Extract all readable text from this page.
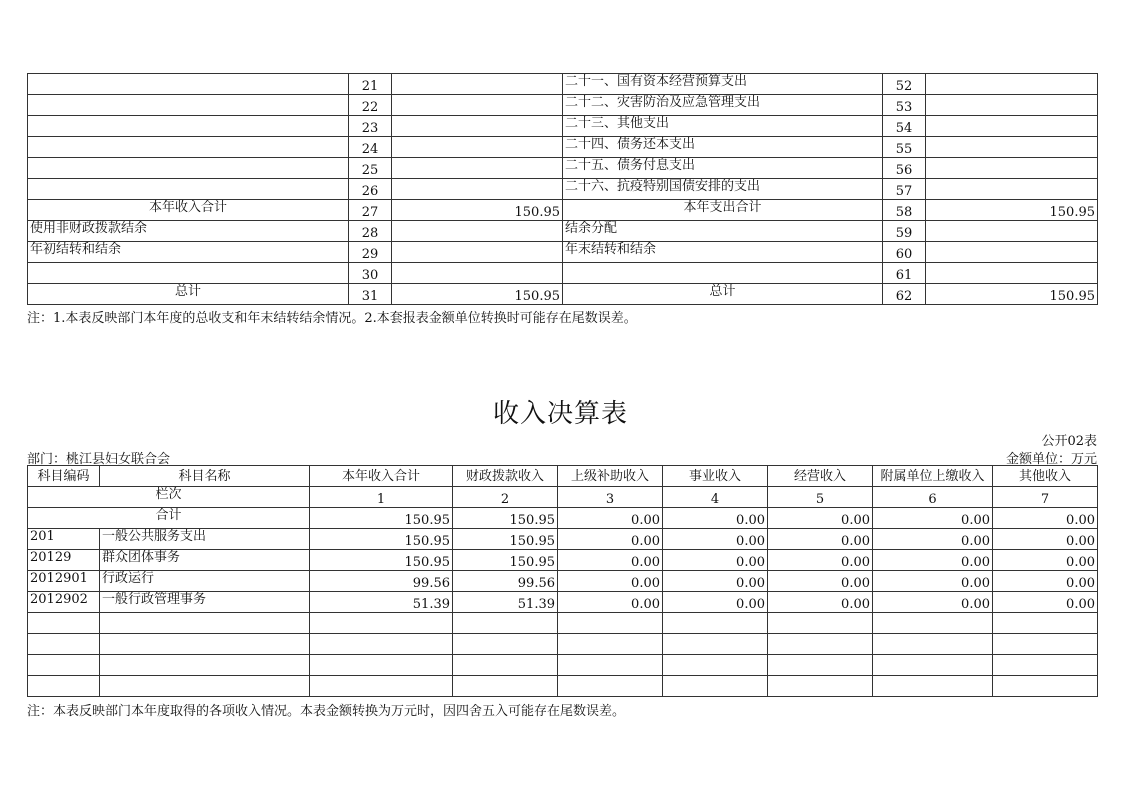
	21		二十一、国有资本经营预算支出	52	
	22		二十二、灾害防治及应急管理支出	53	
	23		二十三、其他支出	54	
	24		二十四、债务还本支出	55	
	25		二十五、债务付息支出	56	
	26		二十六、抗疫特别国债安排的支出	57	
本年收入合计	27	150.95	本年支出合计	58	150.95
使用非财政拨款结余	28		结余分配	59	
年初结转和结余	29		年末结转和结余	60	
	30			61	
总计	31	150.95	总计	62	150.95
注：1.本表反映部门本年度的总收支和年末结转结余情况。2.本套报表金额单位转换时可能存在尾数误差。
收入决算表
公开02表
部门：桃江县妇女联合会	金额单位：万元
科目编码	科目名称	本年收入合计	财政拨款收入	上级补助收入	事业收入	经营收入	附属单位上缴收入	其他收入
栏次		1	2	3	4	5	6	7
合计		150.95	150.95	0.00	0.00	0.00	0.00	0.00
201	一般公共服务支出	150.95	150.95	0.00	0.00	0.00	0.00	0.00
20129	群众团体事务	150.95	150.95	0.00	0.00	0.00	0.00	0.00
2012901	行政运行	99.56	99.56	0.00	0.00	0.00	0.00	0.00
2012902	一般行政管理事务	51.39	51.39	0.00	0.00	0.00	0.00	0.00

注：本表反映部门本年度取得的各项收入情况。本表金额转换为万元时，因四舍五入可能存在尾数误差。
